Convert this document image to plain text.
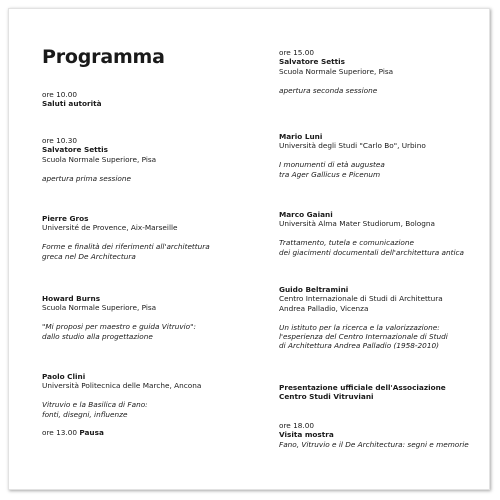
Programma
ore 10.00
Saluti autorità
ore 10.30
Salvatore Settis
Scuola Normale Superiore, Pisa
apertura prima sessione
Pierre Gros
Université de Provence, Aix-Marseille
Forme e finalità dei riferimenti all'architettura
greca nel De Architectura
Howard Burns
Scuola Normale Superiore, Pisa
"Mi proposi per maestro e guida Vitruvio":
dallo studio alla progettazione
Paolo Clini
Università Politecnica delle Marche, Ancona
Vitruvio e la Basilica di Fano:
fonti, disegni, influenze
ore 13.00 Pausa
ore 15.00
Salvatore Settis
Scuola Normale Superiore, Pisa
apertura seconda sessione
Mario Luni
Università degli Studi "Carlo Bo", Urbino
I monumenti di età augustea
tra Ager Gallicus e Picenum
Marco Gaiani
Università Alma Mater Studiorum, Bologna
Trattamento, tutela e comunicazione
dei giacimenti documentali dell'architettura antica
Guido Beltramini
Centro Internazionale di Studi di Architettura
Andrea Palladio, Vicenza
Un istituto per la ricerca e la valorizzazione:
l'esperienza del Centro Internazionale di Studi
di Architettura Andrea Palladio (1958-2010)
Presentazione ufficiale dell'Associazione
Centro Studi Vitruviani
ore 18.00
Visita mostra
Fano, Vitruvio e il De Architectura: segni e memorie
